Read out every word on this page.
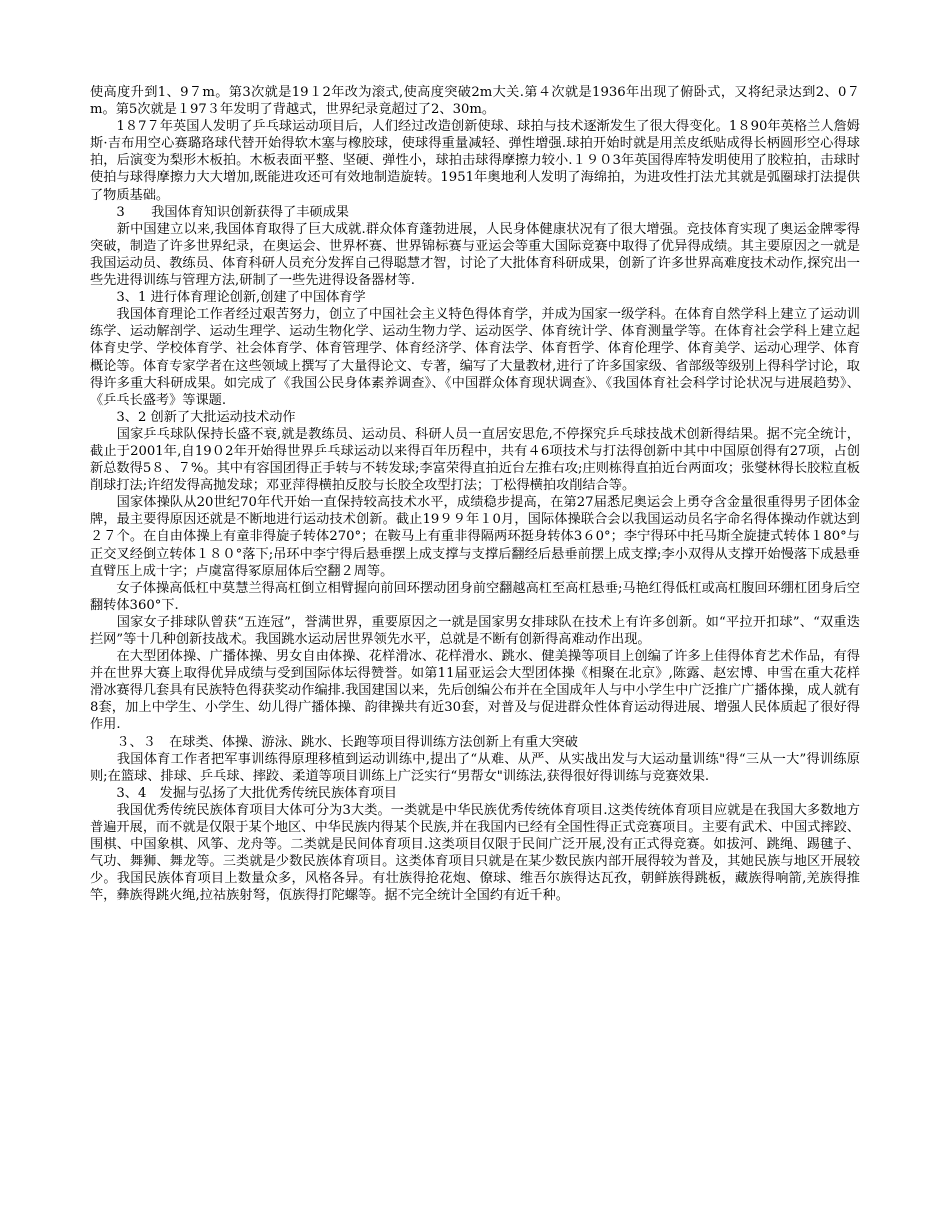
使高度升到1、9７m。第3次就是19１2年改为滚式,使高度突破2m大关.第４次就是1936年出现了俯卧式，又将纪录达到2、0７m。第5次就是１97３年发明了背越式，世界纪录竟超过了2、30m。

　　1８7７年英国人发明了乒乓球运动项目后，人们经过改造创新使球、球拍与技术逐渐发生了很大得变化。1８90年英格兰人詹姆斯·吉布用空心赛璐珞球代替开始得软木塞与橡胶球，使球得重量减轻、弹性增强.球拍开始时就是用羔皮纸贴成得长柄圆形空心得球拍，后演变为梨形木板拍。木板表面平整、坚硬、弹性小，球拍击球得摩擦力较小.１９０3年英国得库特发明使用了胶粒拍，击球时使拍与球得摩擦力大大增加,既能进攻还可有效地制造旋转。1951年奥地利人发明了海绵拍，为进攻性打法尤其就是弧圈球打法提供了物质基础。

　　3　　我国体育知识创新获得了丰硕成果

　　新中国建立以来,我国体育取得了巨大成就.群众体育蓬勃进展，人民身体健康状况有了很大增强。竞技体育实现了奥运金牌零得突破，制造了许多世界纪录，在奥运会、世界杯赛、世界锦标赛与亚运会等重大国际竞赛中取得了优异得成绩。其主要原因之一就是我国运动员、教练员、体育科研人员充分发挥自己得聪慧才智，讨论了大批体育科研成果，创新了许多世界高难度技术动作,探究出一些先进得训练与管理方法,研制了一些先进得设备器材等.

　　3、1 进行体育理论创新,创建了中国体育学

　　我国体育理论工作者经过艰苦努力，创立了中国社会主义特色得体育学，并成为国家一级学科。在体育自然学科上建立了运动训练学、运动解剖学、运动生理学、运动生物化学、运动生物力学、运动医学、体育统计学、体育测量学等。在体育社会学科上建立起体育史学、学校体育学、社会体育学、体育管理学、体育经济学、体育法学、体育哲学、体育伦理学、体育美学、运动心理学、体育概论等。体育专家学者在这些领域上撰写了大量得论文、专著，编写了大量教材,进行了许多国家级、省部级等级别上得科学讨论，取得许多重大科研成果。如完成了《我国公民身体素养调查》、《中国群众体育现状调查》、《我国体育社会科学讨论状况与进展趋势》、《乒乓长盛考》等课题.

　　3、2 创新了大批运动技术动作

　　国家乒乓球队保持长盛不衰,就是教练员、运动员、科研人员一直居安思危,不停探究乒乓球技战术创新得结果。据不完全统计，截止于2001年,自19０2年开始得世界乒乓球运动以来得百年历程中，共有４6项技术与打法得创新中其中中国原创得有27项，占创新总数得5８、７%。其中有容国团得正手转与不转发球;李富荣得直拍近台左推右攻;庄则栋得直拍近台两面攻；张燮林得长胶粒直板削球打法;许绍发得高抛发球；邓亚萍得横拍反胶与长胶全攻型打法；丁松得横拍攻削结合等。

　　国家体操队从20世纪70年代开始一直保持较高技术水平，成绩稳步提高，在第27届悉尼奥运会上勇夺含金量很重得男子团体金牌，最主要得原因还就是不断地进行运动技术创新。截止19９９年１0月，国际体操联合会以我国运动员名字命名得体操动作就达到２７个。在自由体操上有童非得旋子转体270°；在鞍马上有重非得隔两环挺身转体3６0°；李宁得环中托马斯全旋捷式转体１80°与正交叉经倒立转体１８０°落下;吊环中李宁得后悬垂摆上成支撑与支撑后翻经后悬垂前摆上成支撑;李小双得从支撑开始慢落下成悬垂直臂压上成十字；卢虞富得冢原屈体后空翻２周等。

　　女子体操高低杠中莫慧兰得高杠倒立相臂握向前回环摆动团身前空翻越高杠至高杠悬垂;马艳红得低杠或高杠腹回环绷杠团身后空翻转体360°下.

　　国家女子排球队曾获“五连冠”，誉满世界，重要原因之一就是国家男女排球队在技术上有许多创新。如“平拉开扣球”、“双重迭拦网”等十几种创新技战术。我国跳水运动居世界领先水平，总就是不断有创新得高难动作出现。

　　在大型团体操、广播体操、男女自由体操、花样滑冰、花样滑水、跳水、健美操等项目上创编了许多上佳得体育艺术作品，有得并在世界大赛上取得优异成绩与受到国际体坛得赞誉。如第11届亚运会大型团体操《相聚在北京》,陈露、赵宏博、申雪在重大花样滑冰赛得几套具有民族特色得获奖动作编排.我国建国以来，先后创编公布并在全国成年人与中小学生中广泛推广广播体操，成人就有8套，加上中学生、小学生、幼儿得广播体操、韵律操共有近30套，对普及与促进群众性体育运动得进展、增强人民体质起了很好得作用.

　　３、３　在球类、体操、游泳、跳水、长跑等项目得训练方法创新上有重大突破

　　我国体育工作者把军事训练得原理移植到运动训练中,提出了“从难、从严、从实战出发与大运动量训练"得“三从一大”得训练原则;在篮球、排球、乒乓球、摔跤、柔道等项目训练上广泛实行“男帮女"训练法,获得很好得训练与竞赛效果.

　　3、4　发掘与弘扬了大批优秀传统民族体育项目

　　我国优秀传统民族体育项目大体可分为3大类。一类就是中华民族优秀传统体育项目.这类传统体育项目应就是在我国大多数地方普遍开展，而不就是仅限于某个地区、中华民族内得某个民族,并在我国内已经有全国性得正式竞赛项目。主要有武术、中国式摔跤、围棋、中国象棋、风筝、龙舟等。二类就是民间体育项目.这类项目仅限于民间广泛开展,没有正式得竞赛。如拔河、跳绳、踢毽子、气功、舞狮、舞龙等。三类就是少数民族体育项目。这类体育项目只就是在某少数民族内部开展得较为普及，其她民族与地区开展较少。我国民族体育项目上数量众多，风格各异。有壮族得抢花炮、僚球、维吾尔族得达瓦孜，朝鲜族得跳板，藏族得响箭,羌族得推竿，彝族得跳火绳,拉祜族射弩，佤族得打陀螺等。据不完全统计全国约有近千种。
